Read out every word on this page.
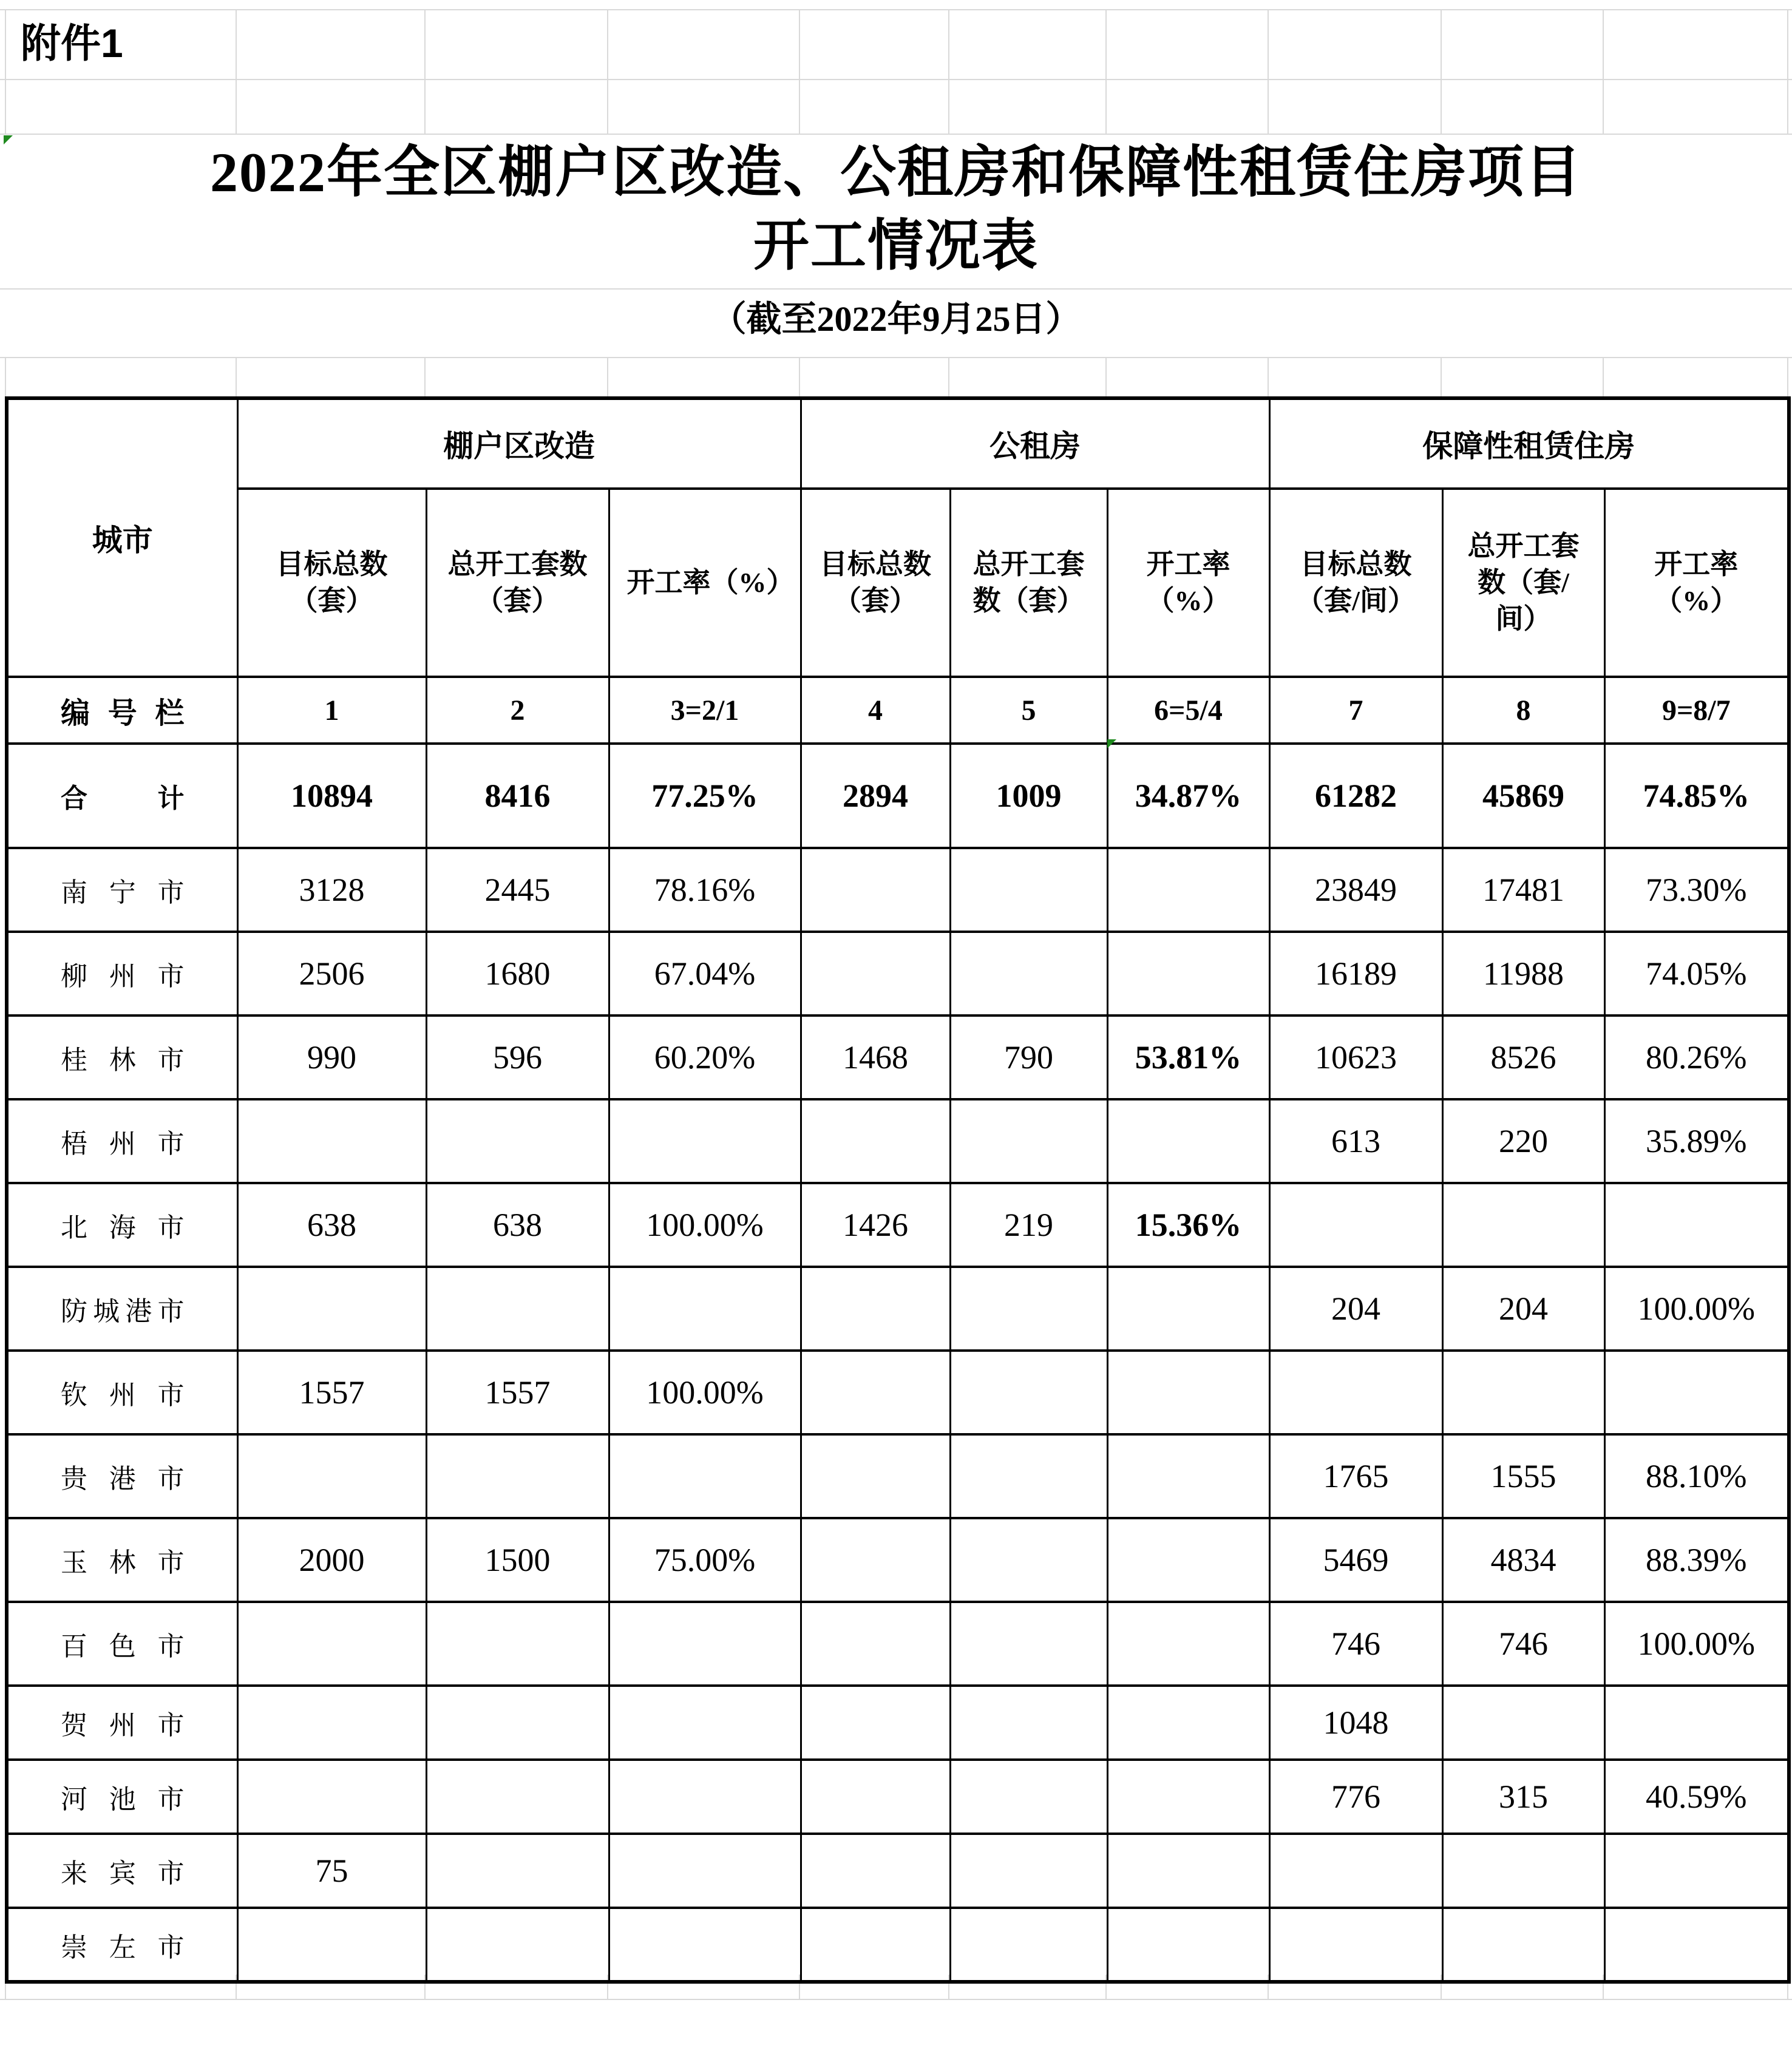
附件1
2022年全区棚户区改造、公租房和保障性租赁住房项目
开工情况表
（截至2022年9月25日）
城市	棚户区改造			公租房			保障性租赁住房		
	目标总数（套）	总开工套数（套）	开工率（%）	目标总数（套）	总开工套数（套）	开工率（%）	目标总数（套/间）	总开工套数（套/间）	开工率（%）

编号栏	1	2	3=2/1	4	5	6=5/4	7	8	9=8/7

合计	10894	8416	77.25%	2894	1009	34.87%	61282	45869	74.85%

南宁市	3128	2445	78.16%				23849	17481	73.30%

柳州市	2506	1680	67.04%				16189	11988	74.05%

桂林市	990	596	60.20%	1468	790	53.81%	10623	8526	80.26%

梧州市							613	220	35.89%

北海市	638	638	100.00%	1426	219	15.36%			

防城港市							204	204	100.00%

钦州市	1557	1557	100.00%						

贵港市							1765	1555	88.10%

玉林市	2000	1500	75.00%				5469	4834	88.39%

百色市							746	746	100.00%

贺州市							1048		

河池市							776	315	40.59%

来宾市	75								

崇左市									
